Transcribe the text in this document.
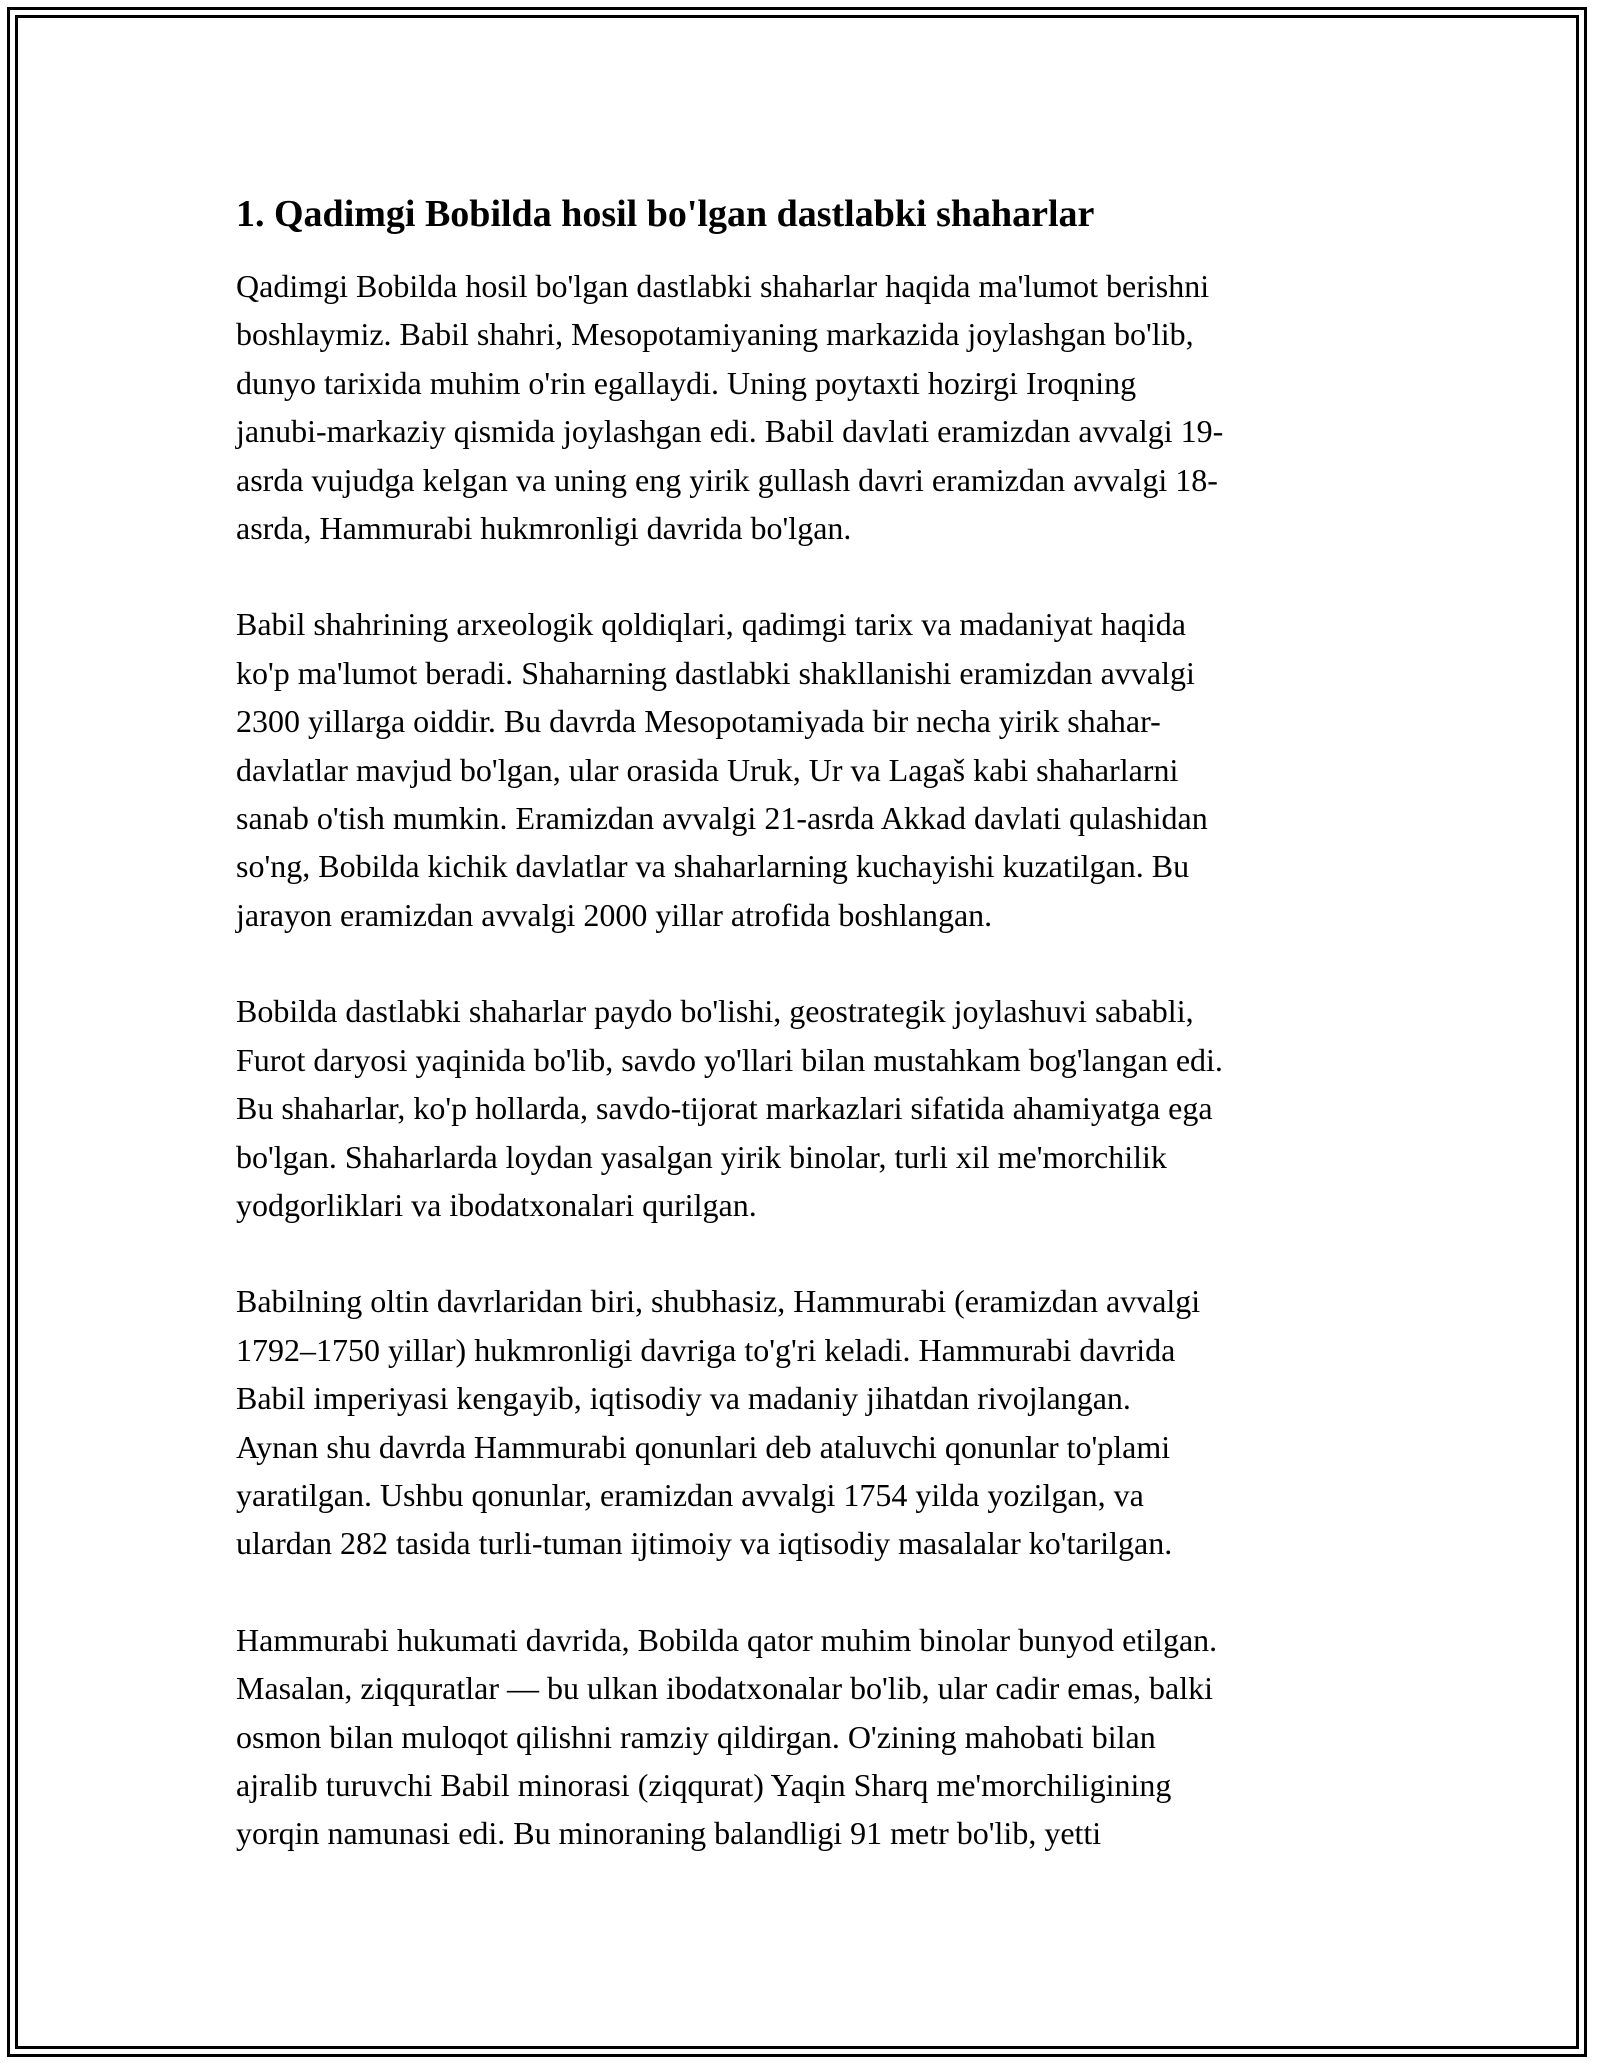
1. Qadimgi Bobilda hosil bo'lgan dastlabki shaharlar
Qadimgi Bobilda hosil bo'lgan dastlabki shaharlar haqida ma'lumot berishni
boshlaymiz. Babil shahri, Mesopotamiyaning markazida joylashgan bo'lib,
dunyo tarixida muhim o'rin egallaydi. Uning poytaxti hozirgi Iroqning
janubi-markaziy qismida joylashgan edi. Babil davlati eramizdan avvalgi 19-
asrda vujudga kelgan va uning eng yirik gullash davri eramizdan avvalgi 18-
asrda, Hammurabi hukmronligi davrida bo'lgan.
Babil shahrining arxeologik qoldiqlari, qadimgi tarix va madaniyat haqida
ko'p ma'lumot beradi. Shaharning dastlabki shakllanishi eramizdan avvalgi
2300 yillarga oiddir. Bu davrda Mesopotamiyada bir necha yirik shahar-
davlatlar mavjud bo'lgan, ular orasida Uruk, Ur va Lagaš kabi shaharlarni
sanab o'tish mumkin. Eramizdan avvalgi 21-asrda Akkad davlati qulashidan
so'ng, Bobilda kichik davlatlar va shaharlarning kuchayishi kuzatilgan. Bu
jarayon eramizdan avvalgi 2000 yillar atrofida boshlangan.
Bobilda dastlabki shaharlar paydo bo'lishi, geostrategik joylashuvi sababli,
Furot daryosi yaqinida bo'lib, savdo yo'llari bilan mustahkam bog'langan edi.
Bu shaharlar, ko'p hollarda, savdo-tijorat markazlari sifatida ahamiyatga ega
bo'lgan. Shaharlarda loydan yasalgan yirik binolar, turli xil me'morchilik
yodgorliklari va ibodatxonalari qurilgan.
Babilning oltin davrlaridan biri, shubhasiz, Hammurabi (eramizdan avvalgi
1792–1750 yillar) hukmronligi davriga to'g'ri keladi. Hammurabi davrida
Babil imperiyasi kengayib, iqtisodiy va madaniy jihatdan rivojlangan.
Aynan shu davrda Hammurabi qonunlari deb ataluvchi qonunlar to'plami
yaratilgan. Ushbu qonunlar, eramizdan avvalgi 1754 yilda yozilgan, va
ulardan 282 tasida turli-tuman ijtimoiy va iqtisodiy masalalar ko'tarilgan.
Hammurabi hukumati davrida, Bobilda qator muhim binolar bunyod etilgan.
Masalan, ziqquratlar — bu ulkan ibodatxonalar bo'lib, ular cadir emas, balki
osmon bilan muloqot qilishni ramziy qildirgan. O'zining mahobati bilan
ajralib turuvchi Babil minorasi (ziqqurat) Yaqin Sharq me'morchiligining
yorqin namunasi edi. Bu minoraning balandligi 91 metr bo'lib, yetti
